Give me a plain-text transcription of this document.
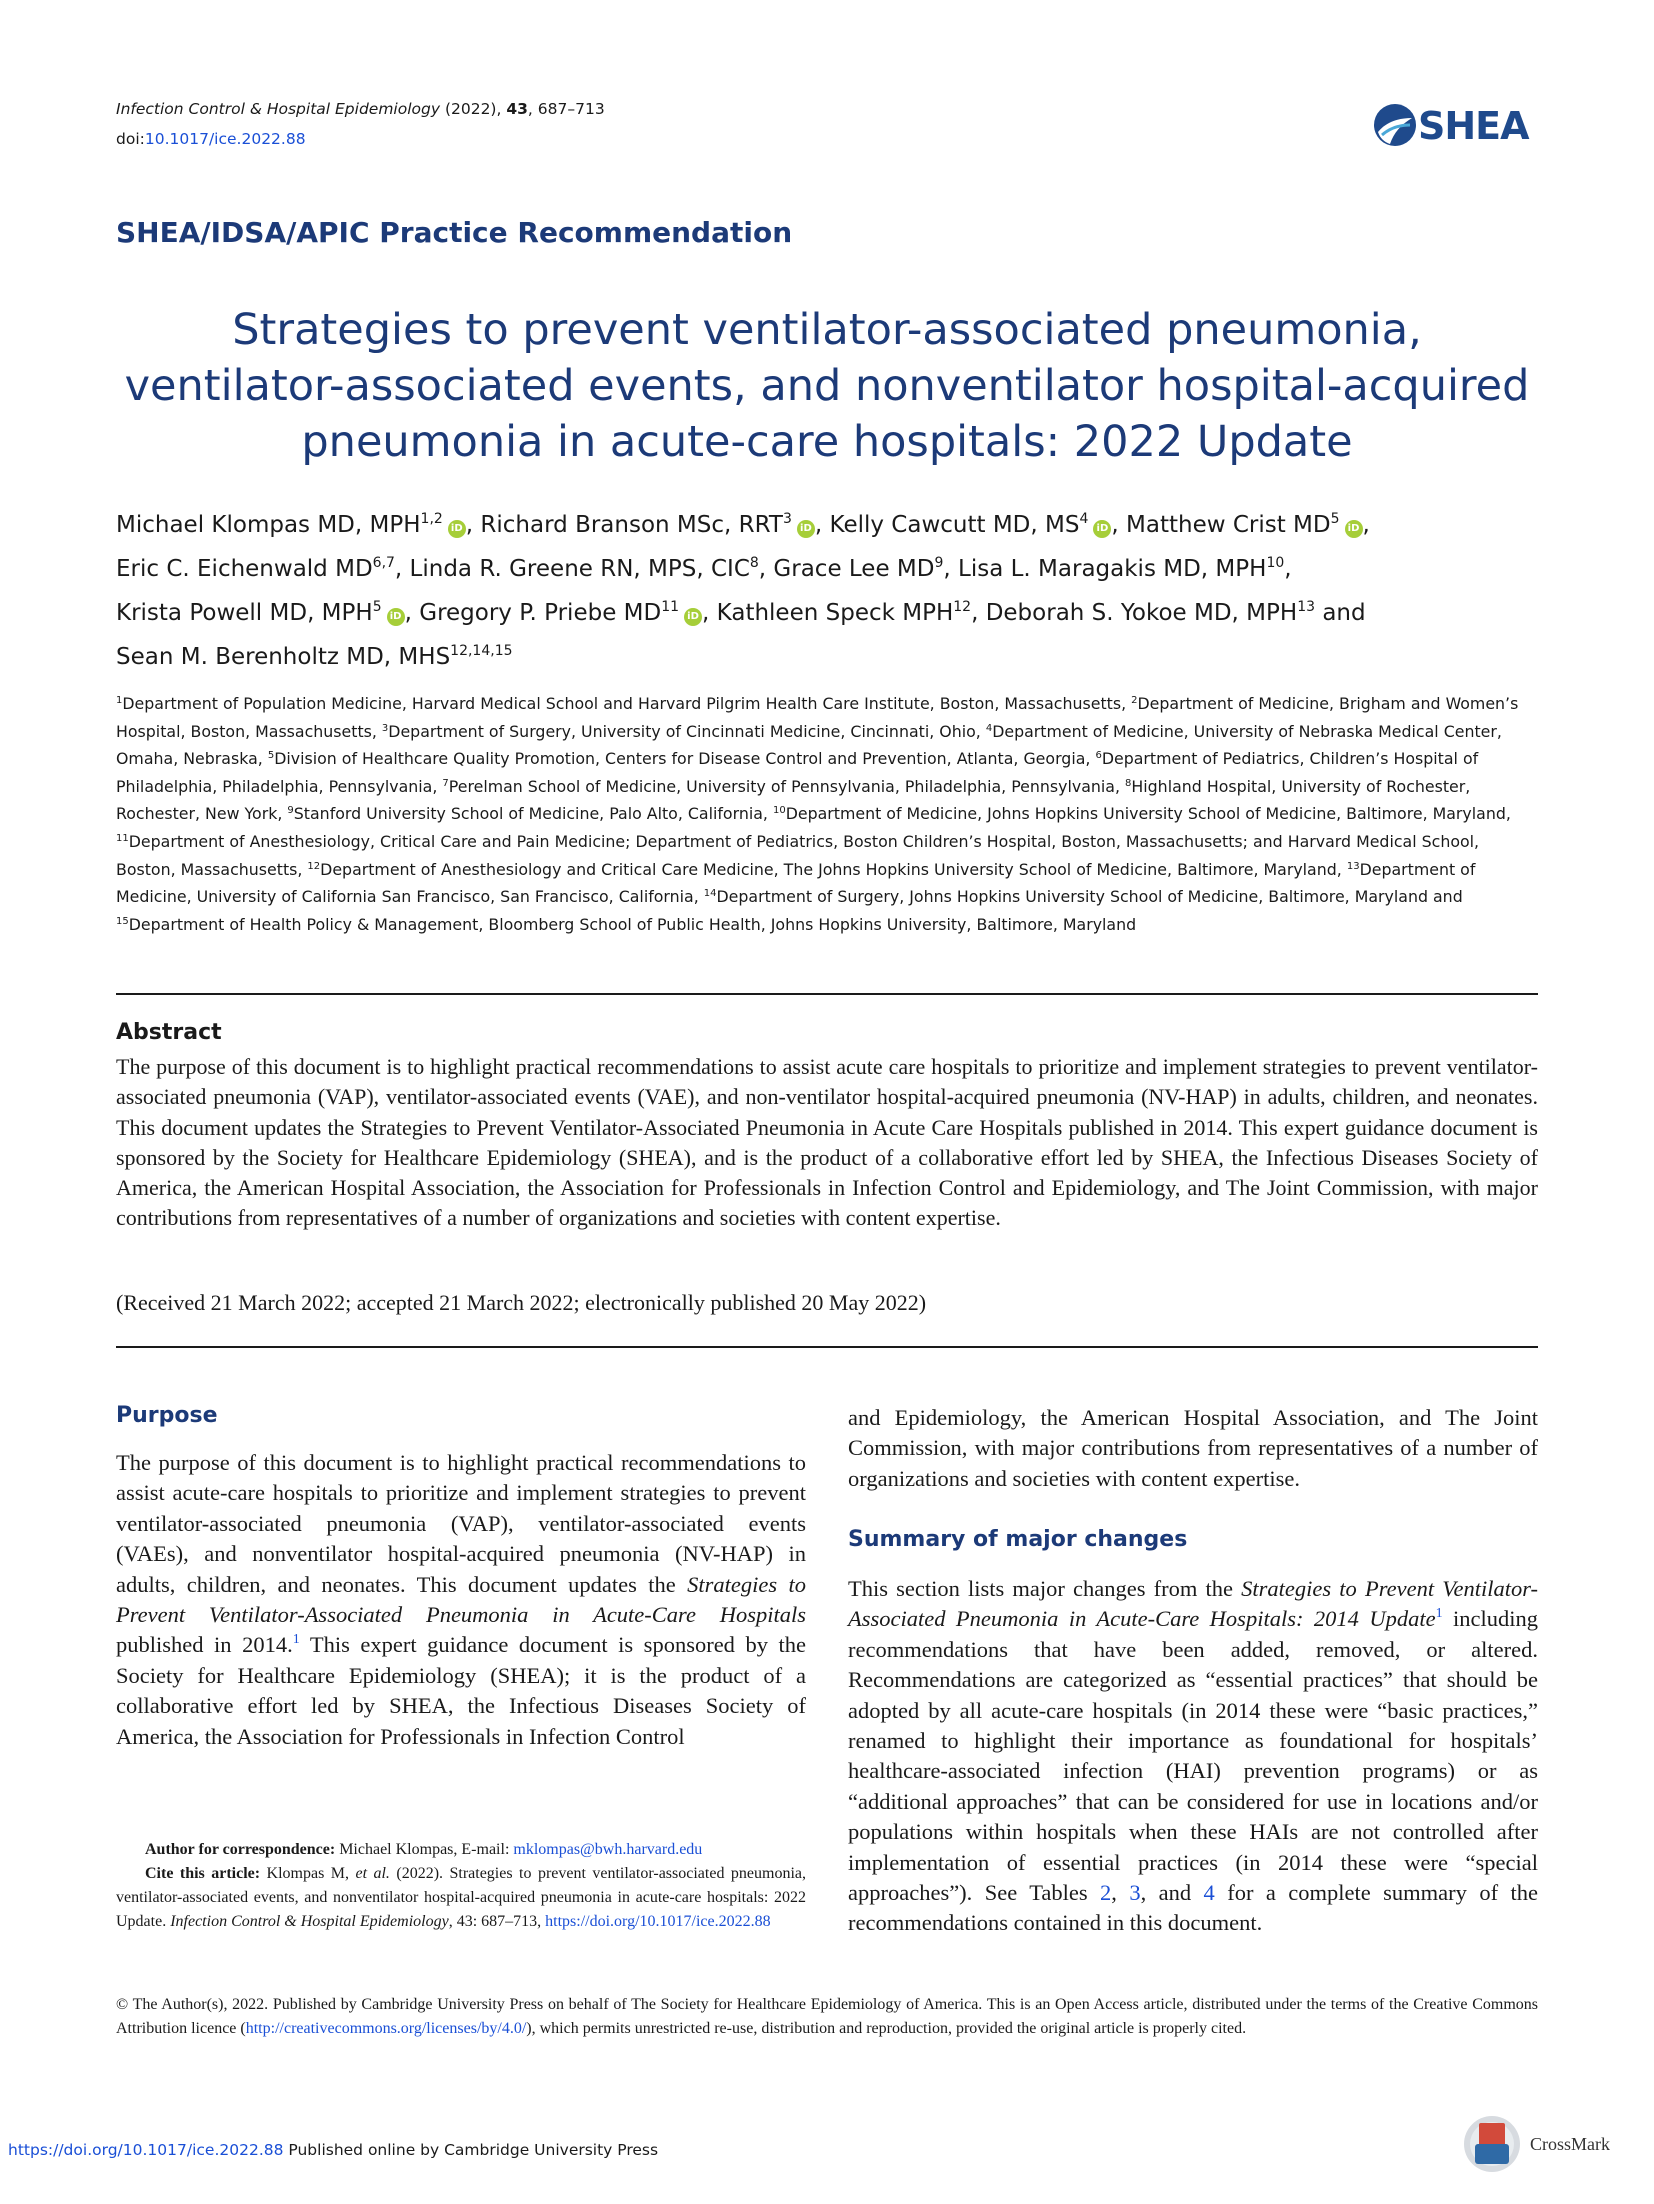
Infection Control & Hospital Epidemiology (2022), 43, 687–713
doi:10.1017/ice.2022.88	SHEA
SHEA/IDSA/APIC Practice Recommendation
Strategies to prevent ventilator-associated pneumonia,
ventilator-associated events, and nonventilator hospital-acquired
pneumonia in acute-care hospitals: 2022 Update
Michael Klompas MD, MPH$^{1,2}$iD , Richard Branson MSc, RRT$^3$iD , Kelly Cawcutt MD, $MS^4iD$ , Matthew Crist $MD^5iD$ ,
Eric C. Eichenwald MD$^{6,7}$, Linda R. Greene RN, MPS, CIC$^8$, Grace Lee $MD^9$, Lisa L. Maragakis MD, MPH$^{10}$,
Krista Powell MD, MPH$^5$iD , Gregory P. Priebe MD$^{11}$iD , Kathleen Speck MPH$^{12}$, Deborah S. Yokoe MD, MPH$^{13}$ and
Sean M. Berenholtz MD, MHS$^{12,14,15}$
$^1$Department of Population Medicine, Harvard Medical School and Harvard Pilgrim Health Care Institute, Boston, Massachusetts, $^2$Department of Medicine, Brigham and Women’s Hospital, Boston, Massachusetts, $^3$Department of Surgery, University of Cincinnati Medicine, Cincinnati, Ohio, $^4$Department of Medicine, University of Nebraska Medical Center, Omaha, Nebraska, $^5$Division of Healthcare Quality Promotion, Centers for Disease Control and Prevention, Atlanta, Georgia, $^6$Department of Pediatrics, Children’s Hospital of Philadelphia, Philadelphia, Pennsylvania, $^7$Perelman School of Medicine, University of Pennsylvania, Philadelphia, Pennsylvania, $^8$Highland Hospital, University of Rochester, Rochester, New York, $^9$Stanford University School of Medicine, Palo Alto, California, $^{10}$Department of Medicine, Johns Hopkins University School of Medicine, Baltimore, Maryland, $^{11}$Department of Anesthesiology, Critical Care and Pain Medicine; Department of Pediatrics, Boston Children’s Hospital, Boston, Massachusetts; and Harvard Medical School, Boston, Massachusetts, $^{12}$Department of Anesthesiology and Critical Care Medicine, The Johns Hopkins University School of Medicine, Baltimore, Maryland, $^{13}$Department of Medicine, University of California San Francisco, San Francisco, California, $^{14}$Department of Surgery, Johns Hopkins University School of Medicine, Baltimore, Maryland and $^{15}$Department of Health Policy & Management, Bloomberg School of Public Health, Johns Hopkins University, Baltimore, Maryland
Abstract
The purpose of this document is to highlight practical recommendations to assist acute care hospitals to prioritize and implement strategies to prevent ventilator-associated pneumonia (VAP), ventilator-associated events (VAE), and non-ventilator hospital-acquired pneumonia (NV-HAP) in adults, children, and neonates. This document updates the Strategies to Prevent Ventilator-Associated Pneumonia in Acute Care Hospitals published in 2014. This expert guidance document is sponsored by the Society for Healthcare Epidemiology (SHEA), and is the product of a collaborative effort led by SHEA, the Infectious Diseases Society of America, the American Hospital Association, the Association for Professionals in Infection Control and Epidemiology, and The Joint Commission, with major contributions from representatives of a number of organizations and societies with content expertise.
(Received 21 March 2022; accepted 21 March 2022; electronically published 20 May 2022)
Purpose
The purpose of this document is to highlight practical recommendations to assist acute-care hospitals to prioritize and implement strategies to prevent ventilator-associated pneumonia (VAP), ventilator-associated events (VAEs), and nonventilator hospital-acquired pneumonia (NV-HAP) in adults, children, and neonates. This document updates the Strategies to Prevent Ventilator-Associated Pneumonia in Acute-Care Hospitals published in 2014.$^1$ This expert guidance document is sponsored by the Society for Healthcare Epidemiology (SHEA); it is the product of a collaborative effort led by SHEA, the Infectious Diseases Society of America, the Association for Professionals in Infection Control
Author for correspondence: Michael Klompas, E-mail: mklompas@bwh.harvard.edu
Cite this article: Klompas M, et al. (2022). Strategies to prevent ventilator-associated pneumonia, ventilator-associated events, and nonventilator hospital-acquired pneumonia in acute-care hospitals: 2022 Update. Infection Control & Hospital Epidemiology, 43: 687–713, https://doi.org/10.1017/ice.2022.88
and Epidemiology, the American Hospital Association, and The Joint Commission, with major contributions from representatives of a number of organizations and societies with content expertise.
Summary of major changes
This section lists major changes from the Strategies to Prevent Ventilator-Associated Pneumonia in Acute-Care Hospitals: 2014 Update$^1$ including recommendations that have been added, removed, or altered. Recommendations are categorized as “essential practices” that should be adopted by all acute-care hospitals (in 2014 these were “basic practices,” renamed to highlight their importance as foundational for hospitals’ healthcare-associated infection (HAI) prevention programs) or as “additional approaches” that can be considered for use in locations and/or populations within hospitals when these HAIs are not controlled after implementation of essential practices (in 2014 these were “special approaches”). See Tables 2, 3, and 4 for a complete summary of the recommendations contained in this document.
© The Author(s), 2022. Published by Cambridge University Press on behalf of The Society for Healthcare Epidemiology of America. This is an Open Access article, distributed under the terms of the Creative Commons Attribution licence (http://creativecommons.org/licenses/by/4.0/), which permits unrestricted re-use, distribution and reproduction, provided the original article is properly cited.
https://doi.org/10.1017/ice.2022.88 Published online by Cambridge University Press	CrossMark
